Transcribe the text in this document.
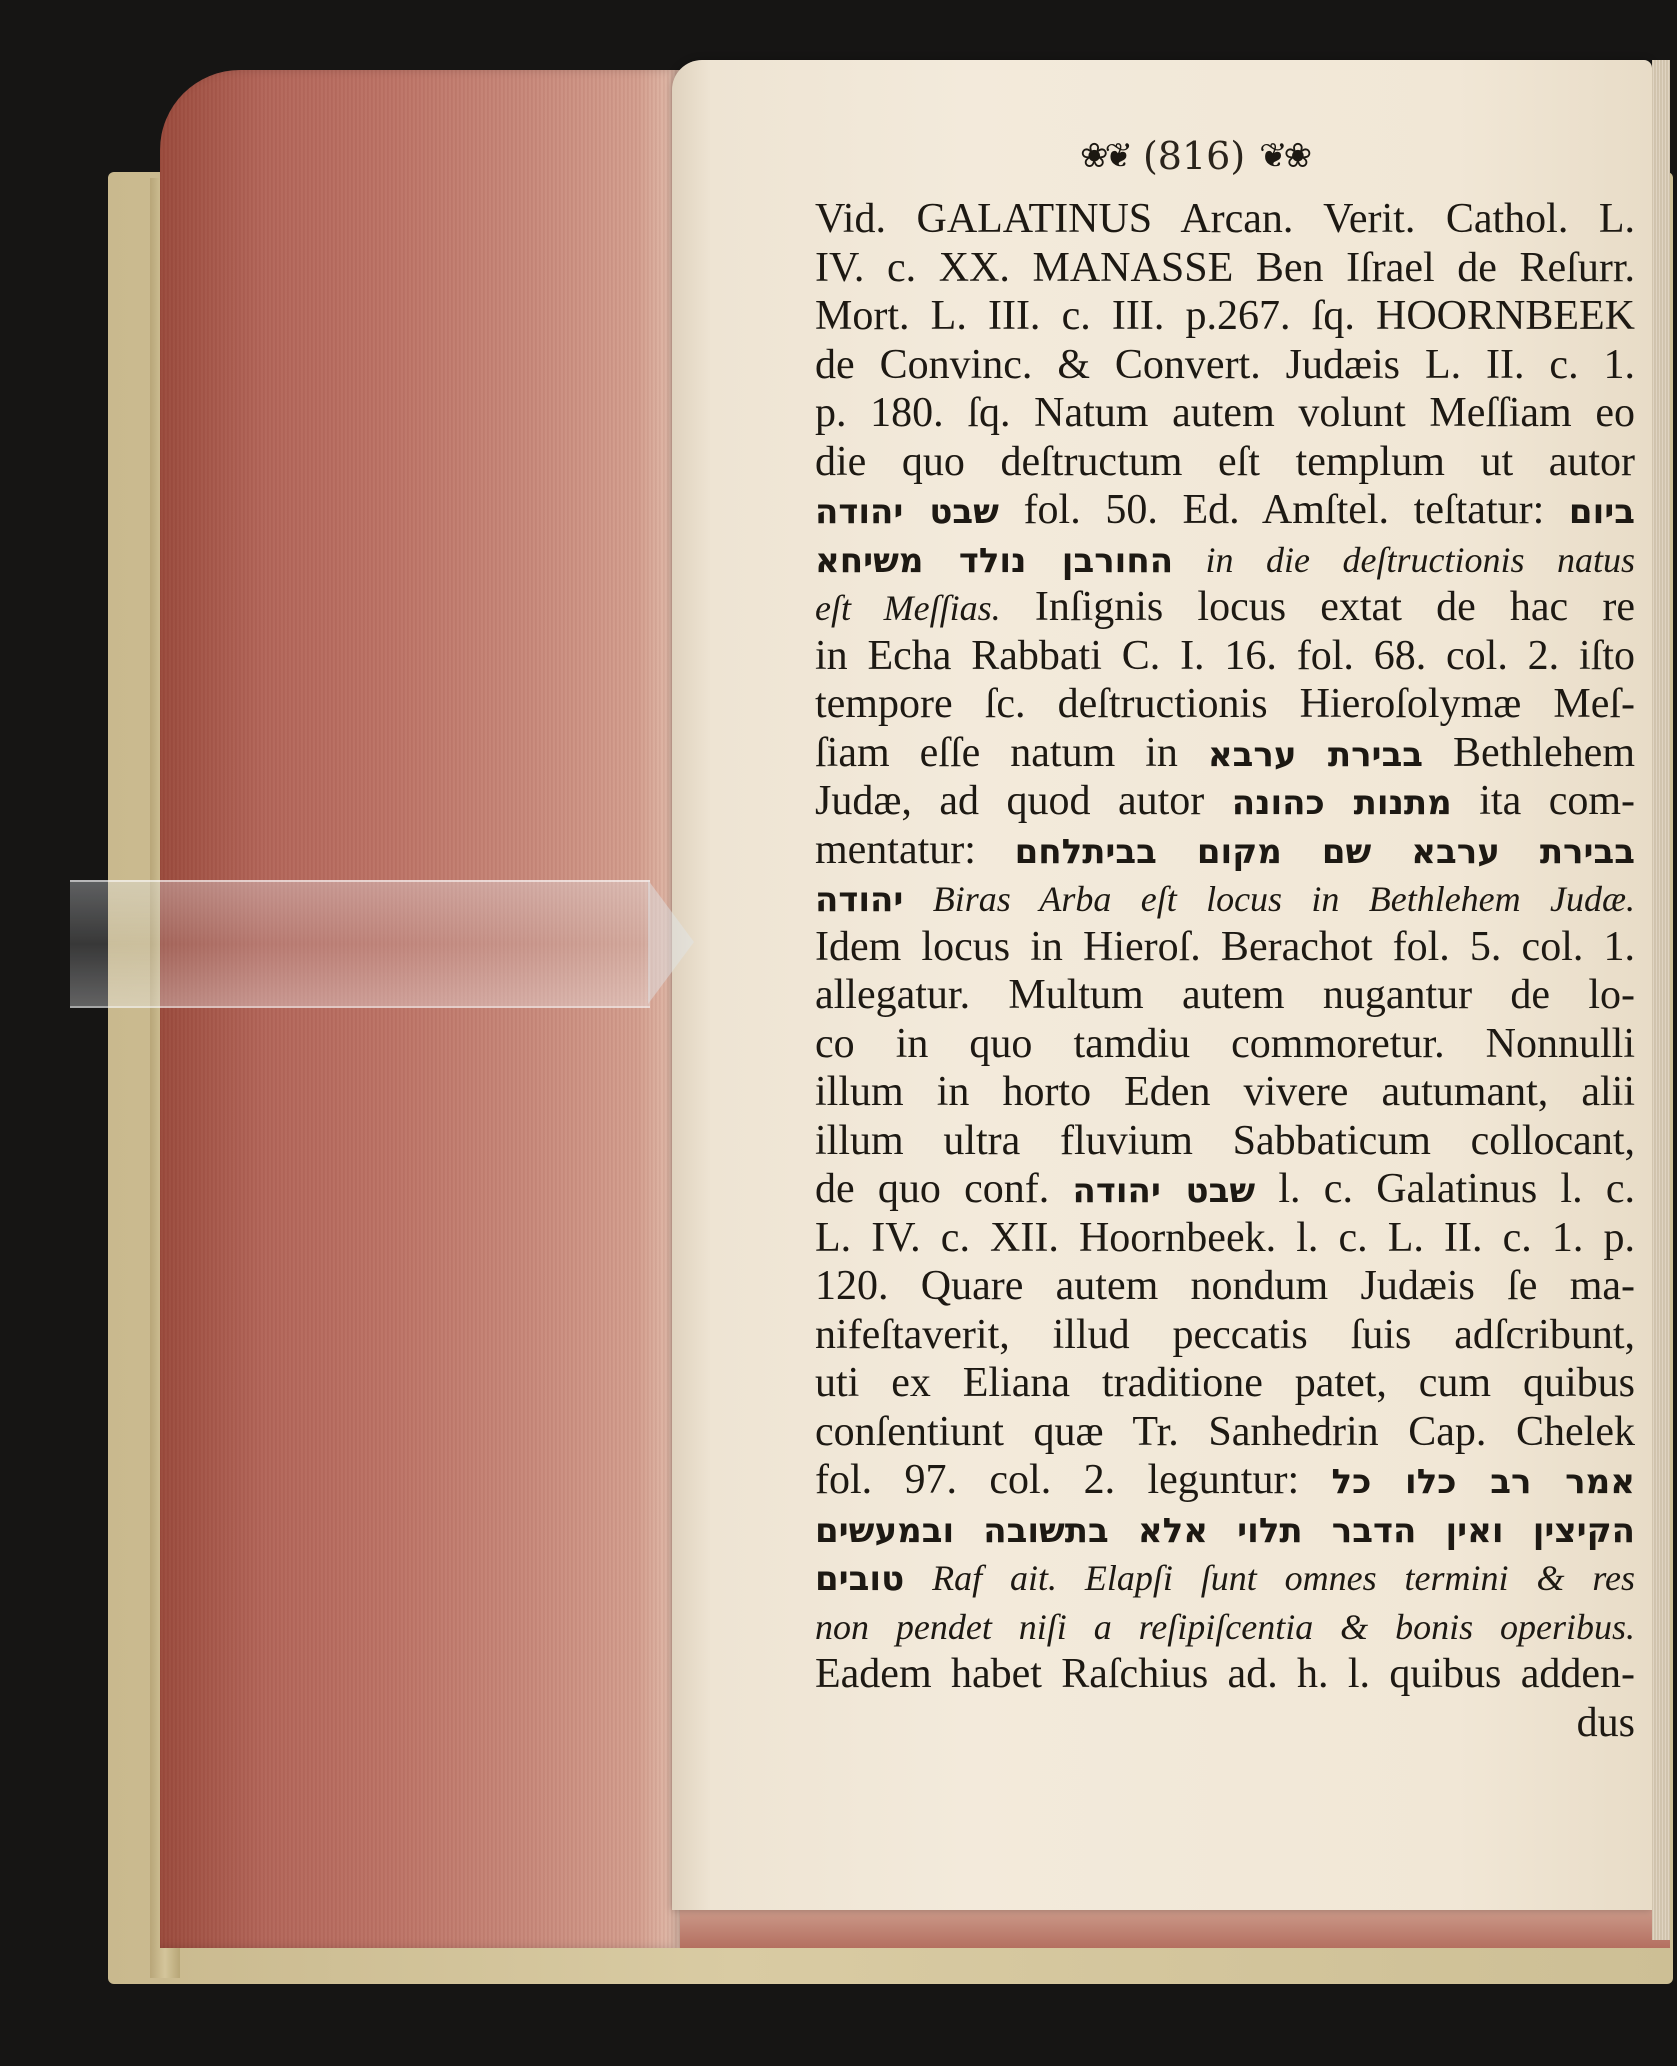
❀❦ (816) ❦❀
Vid. GALATINUS Arcan. Verit. Cathol. L.
IV. c. XX. MANASSE Ben Iſrael de Reſurr.
Mort. L. III. c. III. p.267. ſq. HOORNBEEK
de Convinc. & Convert. Judæis L. II. c. 1.
p. 180. ſq. Natum autem volunt Meſſiam eo
die quo deſtructum eſt templum ut autor
שבט יהודה fol. 50. Ed. Amſtel. teſtatur: ביום
החורבן נולד משיחא in die deſtructionis natus
eſt Meſſias. Inſignis locus extat de hac re
in Echa Rabbati C. I. 16. fol. 68. col. 2. iſto
tempore ſc. deſtructionis Hieroſolymæ Meſ-
ſiam eſſe natum in בבירת ערבא Bethlehem
Judæ, ad quod autor מתנות כהונה ita com-
mentatur: בבירת ערבא שם מקום בביתלחם
יהודה Biras Arba eſt locus in Bethlehem Judæ.
Idem locus in Hieroſ. Berachot fol. 5. col. 1.
allegatur. Multum autem nugantur de lo-
co in quo tamdiu commoretur. Nonnulli
illum in horto Eden vivere autumant, alii
illum ultra fluvium Sabbaticum collocant,
de quo conf. שבט יהודה l. c. Galatinus l. c.
L. IV. c. XII. Hoornbeek. l. c. L. II. c. 1. p.
120. Quare autem nondum Judæis ſe ma-
nifeſtaverit, illud peccatis ſuis adſcribunt,
uti ex Eliana traditione patet, cum quibus
conſentiunt quæ Tr. Sanhedrin Cap. Chelek
fol. 97. col. 2. leguntur: אמר רב כלו כל
הקיצין ואין הדבר תלוי אלא בתשובה ובמעשים
טובים Raf ait. Elapſi ſunt omnes termini & res
non pendet niſi a reſipiſcentia & bonis operibus.
Eadem habet Raſchius ad. h. l. quibus adden-
dus
